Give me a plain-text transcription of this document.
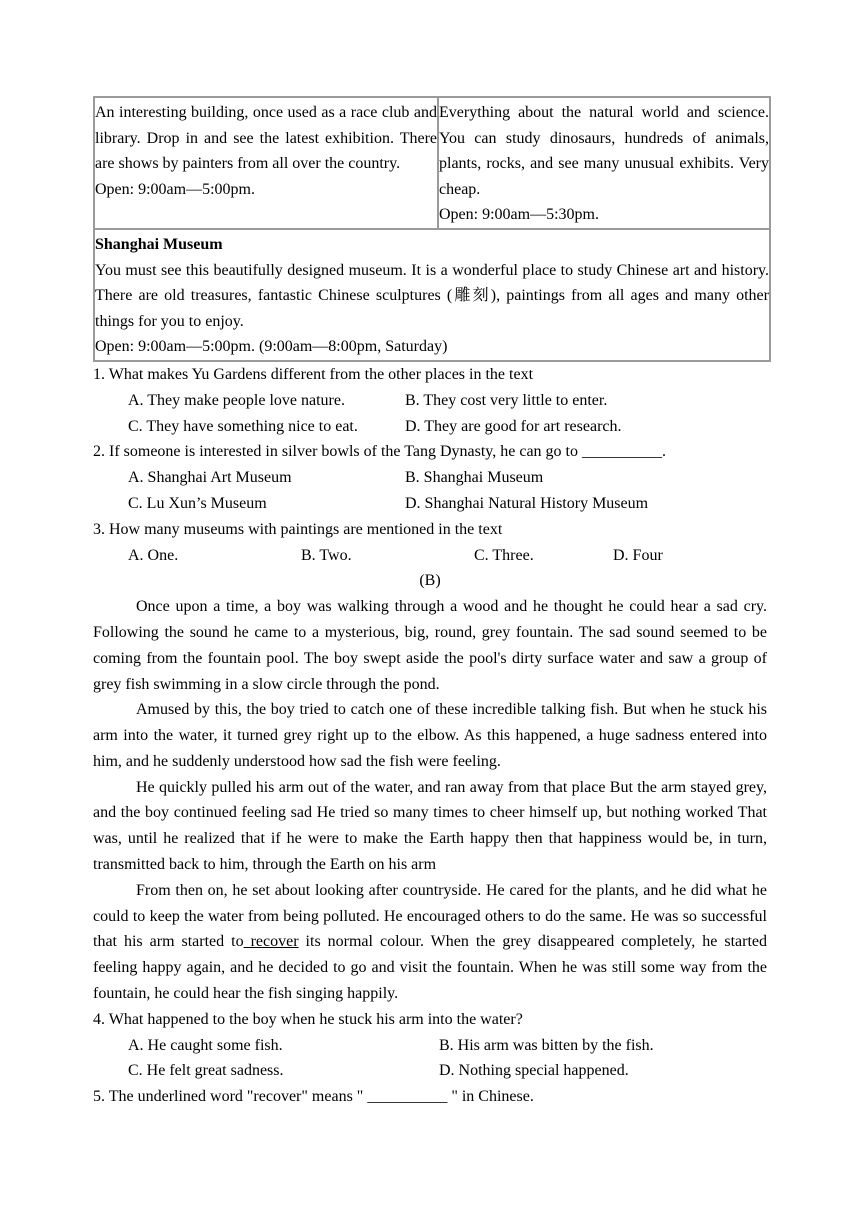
An interesting building, once used as a race club and library. Drop in and see the latest exhibition. There are shows by painters from all over the country.
Open: 9:00am—5:00pm.
	Everything about the natural world and science. You can study dinosaurs, hundreds of animals, plants, rocks, and see many unusual exhibits. Very cheap.
Open: 9:00am—5:30pm.

Shanghai Museum
You must see this beautifully designed museum. It is a wonderful place to study Chinese art and history. There are old treasures, fantastic Chinese sculptures (雕刻), paintings from all ages and many other things for you to enjoy.
Open: 9:00am—5:00pm. (9:00am—8:00pm, Saturday)

1. What makes Yu Gardens different from the other places in the text

A. They make people love nature.	B. They cost very little to enter.
C. They have something nice to eat.	D. They are good for art research.

2. If someone is interested in silver bowls of the Tang Dynasty, he can go to __________.

A. Shanghai Art Museum	B. Shanghai Museum
C. Lu Xun’s Museum	D. Shanghai Natural History Museum

3. How many museums with paintings are mentioned in the text

A. One.	B. Two.	C. Three.	D. Four

(B)

Once upon a time, a boy was walking through a wood and he thought he could hear a sad cry. Following the sound he came to a mysterious, big, round, grey fountain. The sad sound seemed to be coming from the fountain pool. The boy swept aside the pool's dirty surface water and saw a group of grey fish swimming in a slow circle through the pond.

Amused by this, the boy tried to catch one of these incredible talking fish. But when he stuck his arm into the water, it turned grey right up to the elbow. As this happened, a huge sadness entered into him, and he suddenly understood how sad the fish were feeling.

He quickly pulled his arm out of the water, and ran away from that place But the arm stayed grey, and the boy continued feeling sad He tried so many times to cheer himself up, but nothing worked That was, until he realized that if he were to make the Earth happy then that happiness would be, in turn, transmitted back to him, through the Earth on his arm

From then on, he set about looking after countryside. He cared for the plants, and he did what he could to keep the water from being polluted. He encouraged others to do the same. He was so successful that his arm started to recover its normal colour. When the grey disappeared completely, he started feeling happy again, and he decided to go and visit the fountain. When he was still some way from the fountain, he could hear the fish singing happily.

4. What happened to the boy when he stuck his arm into the water?

A. He caught some fish.	B. His arm was bitten by the fish.
C. He felt great sadness.	D. Nothing special happened.

5. The underlined word "recover" means " __________ " in Chinese.
